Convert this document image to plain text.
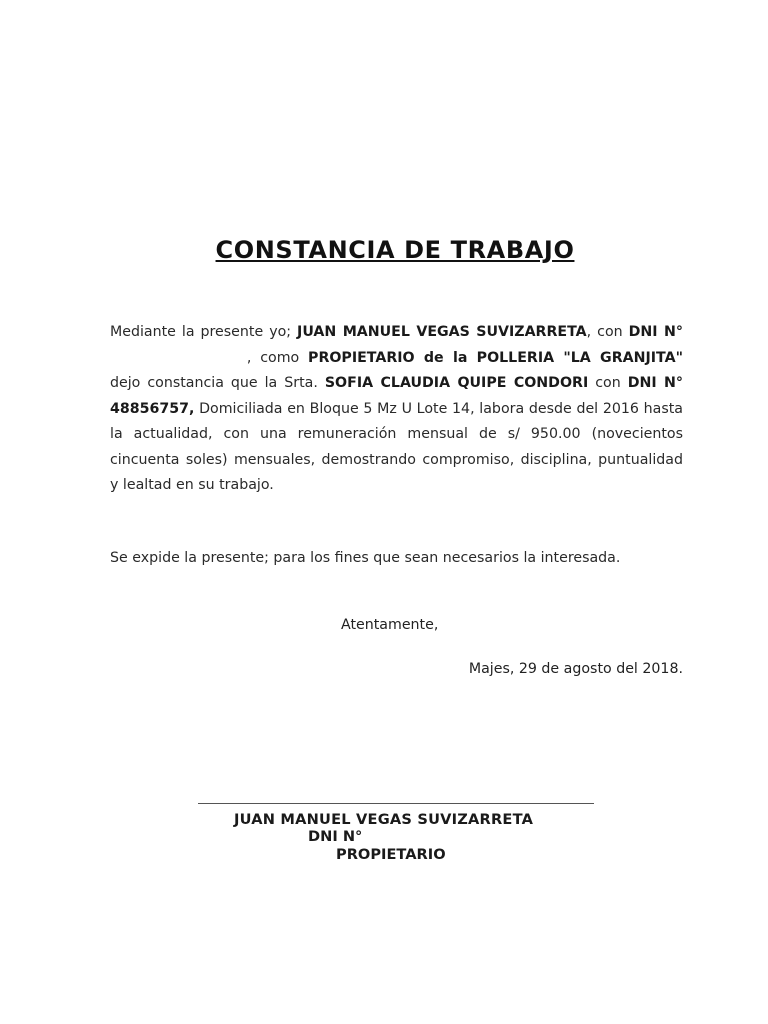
CONSTANCIA DE TRABAJO

Mediante la presente yo; JUAN MANUEL VEGAS SUVIZARRETA, con DNI N° , como PROPIETARIO de la POLLERIA "LA GRANJITA" dejo constancia que la Srta. SOFIA CLAUDIA QUIPE CONDORI con DNI N° 48856757, Domiciliada en Bloque 5 Mz U Lote 14, labora desde del 2016 hasta la actualidad, con una remuneración mensual de s/ 950.00 (novecientos cincuenta soles) mensuales, demostrando compromiso, disciplina, puntualidad y lealtad en su trabajo.

Se expide la presente; para los fines que sean necesarios la interesada.

Atentamente,

Majes, 29 de agosto del 2018.

JUAN MANUEL VEGAS SUVIZARRETA

DNI N°

PROPIETARIO
